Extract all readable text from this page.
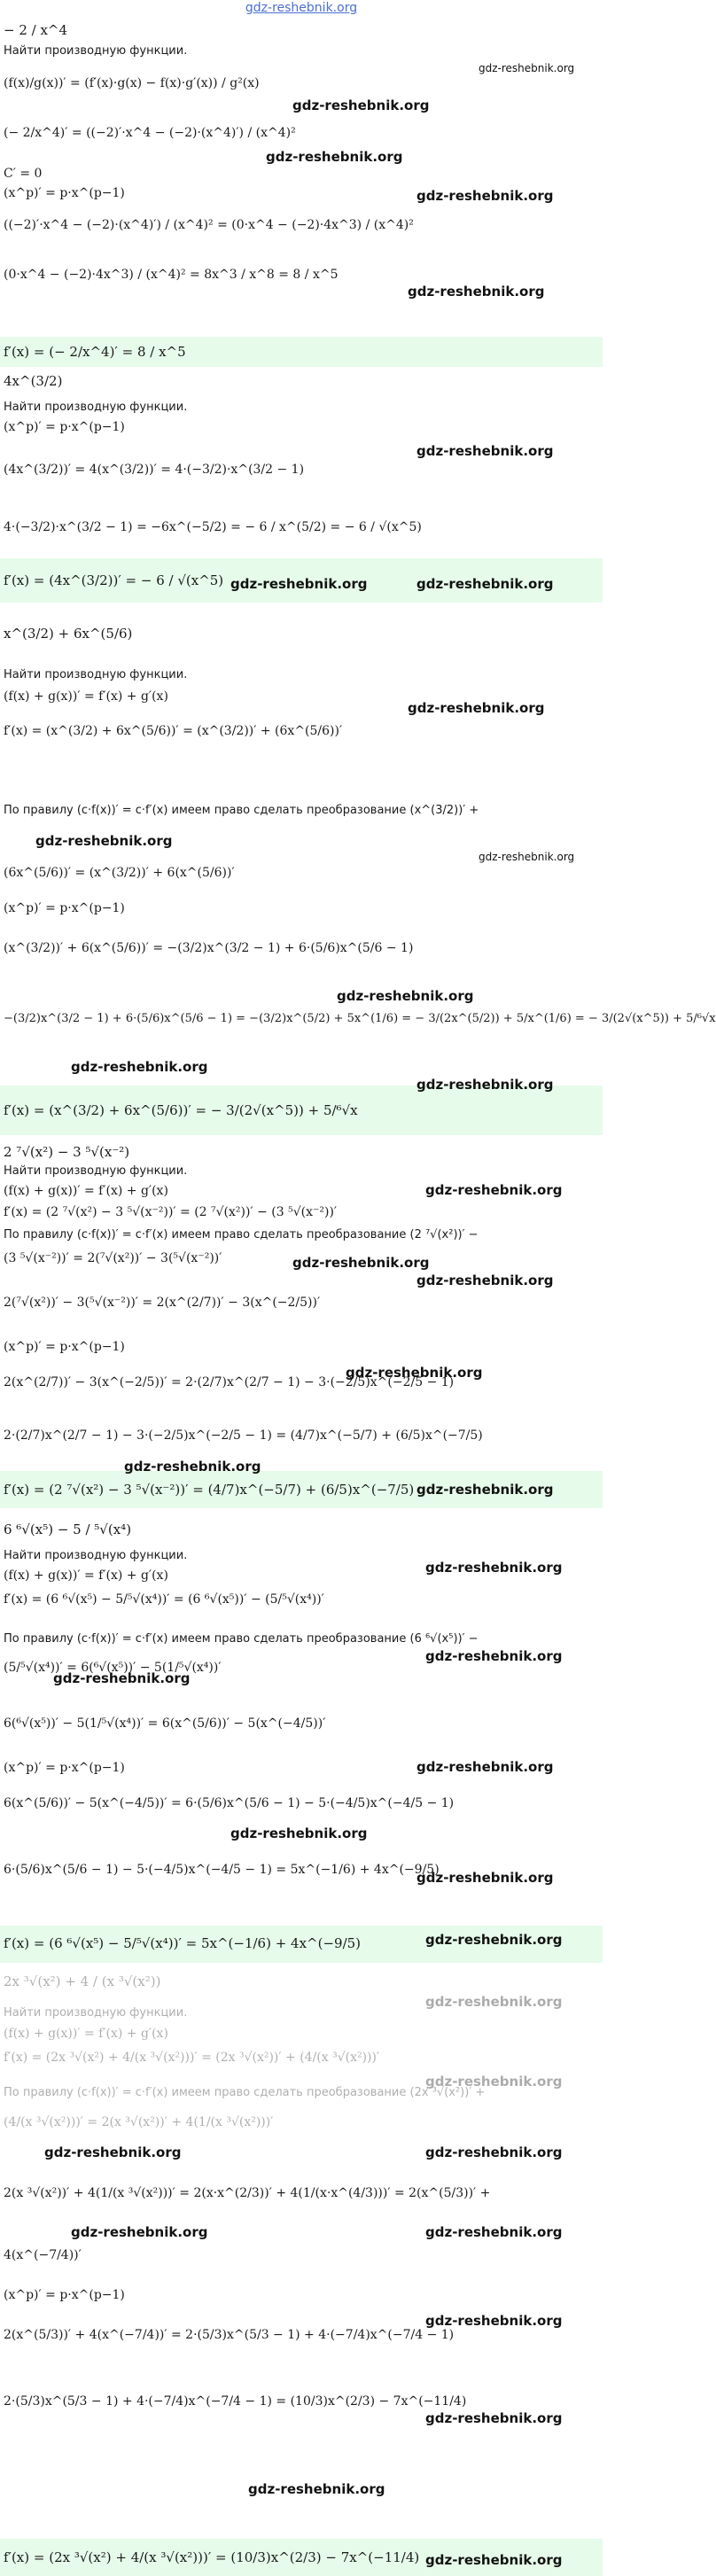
gdz-reshebnik.org
− 2 / x^4
Найти производную функции.
(f(x)/g(x))′ = (f′(x)·g(x) − f(x)·g′(x)) / g²(x)
(− 2/x^4)′ = ((−2)′·x^4 − (−2)·(x^4)′) / (x^4)²
C′ = 0
(x^p)′ = p·x^(p−1)
((−2)′·x^4 − (−2)·(x^4)′) / (x^4)² = (0·x^4 − (−2)·4x^3) / (x^4)²
(0·x^4 − (−2)·4x^3) / (x^4)² = 8x^3 / x^8 = 8 / x^5
f′(x) = (− 2/x^4)′ = 8 / x^5
4x^(3/2)
Найти производную функции.
(x^p)′ = p·x^(p−1)
(4x^(3/2))′ = 4(x^(3/2))′ = 4·(−3/2)·x^(3/2 − 1)
4·(−3/2)·x^(3/2 − 1) = −6x^(−5/2) = − 6 / x^(5/2) = − 6 / √(x^5)
f′(x) = (4x^(3/2))′ = − 6 / √(x^5)
x^(3/2) + 6x^(5/6)
Найти производную функции.
(f(x) + g(x))′ = f′(x) + g′(x)
f′(x) = (x^(3/2) + 6x^(5/6))′ = (x^(3/2))′ + (6x^(5/6))′
По правилу (c·f(x))′ = c·f′(x) имеем право сделать преобразование (x^(3/2))′ +
(6x^(5/6))′ = (x^(3/2))′ + 6(x^(5/6))′
(x^p)′ = p·x^(p−1)
(x^(3/2))′ + 6(x^(5/6))′ = −(3/2)x^(3/2 − 1) + 6·(5/6)x^(5/6 − 1)
−(3/2)x^(3/2 − 1) + 6·(5/6)x^(5/6 − 1) = −(3/2)x^(5/2) + 5x^(1/6) = − 3/(2x^(5/2)) + 5/x^(1/6) = − 3/(2√(x^5)) + 5/⁶√x
f′(x) = (x^(3/2) + 6x^(5/6))′ = − 3/(2√(x^5)) + 5/⁶√x
2 ⁷√(x²) − 3 ⁵√(x⁻²)
Найти производную функции.
(f(x) + g(x))′ = f′(x) + g′(x)
f′(x) = (2 ⁷√(x²) − 3 ⁵√(x⁻²))′ = (2 ⁷√(x²))′ − (3 ⁵√(x⁻²))′
По правилу (c·f(x))′ = c·f′(x) имеем право сделать преобразование (2 ⁷√(x²))′ −
(3 ⁵√(x⁻²))′ = 2(⁷√(x²))′ − 3(⁵√(x⁻²))′
2(⁷√(x²))′ − 3(⁵√(x⁻²))′ = 2(x^(2/7))′ − 3(x^(−2/5))′
(x^p)′ = p·x^(p−1)
2(x^(2/7))′ − 3(x^(−2/5))′ = 2·(2/7)x^(2/7 − 1) − 3·(−2/5)x^(−2/5 − 1)
2·(2/7)x^(2/7 − 1) − 3·(−2/5)x^(−2/5 − 1) = (4/7)x^(−5/7) + (6/5)x^(−7/5)
f′(x) = (2 ⁷√(x²) − 3 ⁵√(x⁻²))′ = (4/7)x^(−5/7) + (6/5)x^(−7/5)
6 ⁶√(x⁵) − 5 / ⁵√(x⁴)
Найти производную функции.
(f(x) + g(x))′ = f′(x) + g′(x)
f′(x) = (6 ⁶√(x⁵) − 5/⁵√(x⁴))′ = (6 ⁶√(x⁵))′ − (5/⁵√(x⁴))′
По правилу (c·f(x))′ = c·f′(x) имеем право сделать преобразование (6 ⁶√(x⁵))′ −
(5/⁵√(x⁴))′ = 6(⁶√(x⁵))′ − 5(1/⁵√(x⁴))′
6(⁶√(x⁵))′ − 5(1/⁵√(x⁴))′ = 6(x^(5/6))′ − 5(x^(−4/5))′
(x^p)′ = p·x^(p−1)
6(x^(5/6))′ − 5(x^(−4/5))′ = 6·(5/6)x^(5/6 − 1) − 5·(−4/5)x^(−4/5 − 1)
6·(5/6)x^(5/6 − 1) − 5·(−4/5)x^(−4/5 − 1) = 5x^(−1/6) + 4x^(−9/5)
f′(x) = (6 ⁶√(x⁵) − 5/⁵√(x⁴))′ = 5x^(−1/6) + 4x^(−9/5)
2x ³√(x²) + 4 / (x ³√(x²))
Найти производную функции.
(f(x) + g(x))′ = f′(x) + g′(x)
f′(x) = (2x ³√(x²) + 4/(x ³√(x²)))′ = (2x ³√(x²))′ + (4/(x ³√(x²)))′
По правилу (c·f(x))′ = c·f′(x) имеем право сделать преобразование (2x ³√(x²))′ +
(4/(x ³√(x²)))′ = 2(x ³√(x²))′ + 4(1/(x ³√(x²)))′
2(x ³√(x²))′ + 4(1/(x ³√(x²)))′ = 2(x·x^(2/3))′ + 4(1/(x·x^(4/3)))′ = 2(x^(5/3))′ +
4(x^(−7/4))′
(x^p)′ = p·x^(p−1)
2(x^(5/3))′ + 4(x^(−7/4))′ = 2·(5/3)x^(5/3 − 1) + 4·(−7/4)x^(−7/4 − 1)
2·(5/3)x^(5/3 − 1) + 4·(−7/4)x^(−7/4 − 1) = (10/3)x^(2/3) − 7x^(−11/4)
f′(x) = (2x ³√(x²) + 4/(x ³√(x²)))′ = (10/3)x^(2/3) − 7x^(−11/4)
gdz-reshebnik.org
gdz-reshebnik.org
gdz-reshebnik.org
gdz-reshebnik.org
gdz-reshebnik.org
gdz-reshebnik.org
gdz-reshebnik.org	gdz-reshebnik.org
gdz-reshebnik.org
gdz-reshebnik.org
gdz-reshebnik.org
gdz-reshebnik.org
gdz-reshebnik.org
gdz-reshebnik.org
gdz-reshebnik.org
gdz-reshebnik.org
gdz-reshebnik.org
gdz-reshebnik.org
gdz-reshebnik.org
gdz-reshebnik.org
gdz-reshebnik.org
gdz-reshebnik.org
gdz-reshebnik.org
gdz-reshebnik.org
gdz-reshebnik.org
gdz-reshebnik.org
gdz-reshebnik.org
gdz-reshebnik.org
gdz-reshebnik.org
gdz-reshebnik.org	gdz-reshebnik.org
gdz-reshebnik.org	gdz-reshebnik.org
gdz-reshebnik.org
gdz-reshebnik.org
gdz-reshebnik.org
gdz-reshebnik.org
